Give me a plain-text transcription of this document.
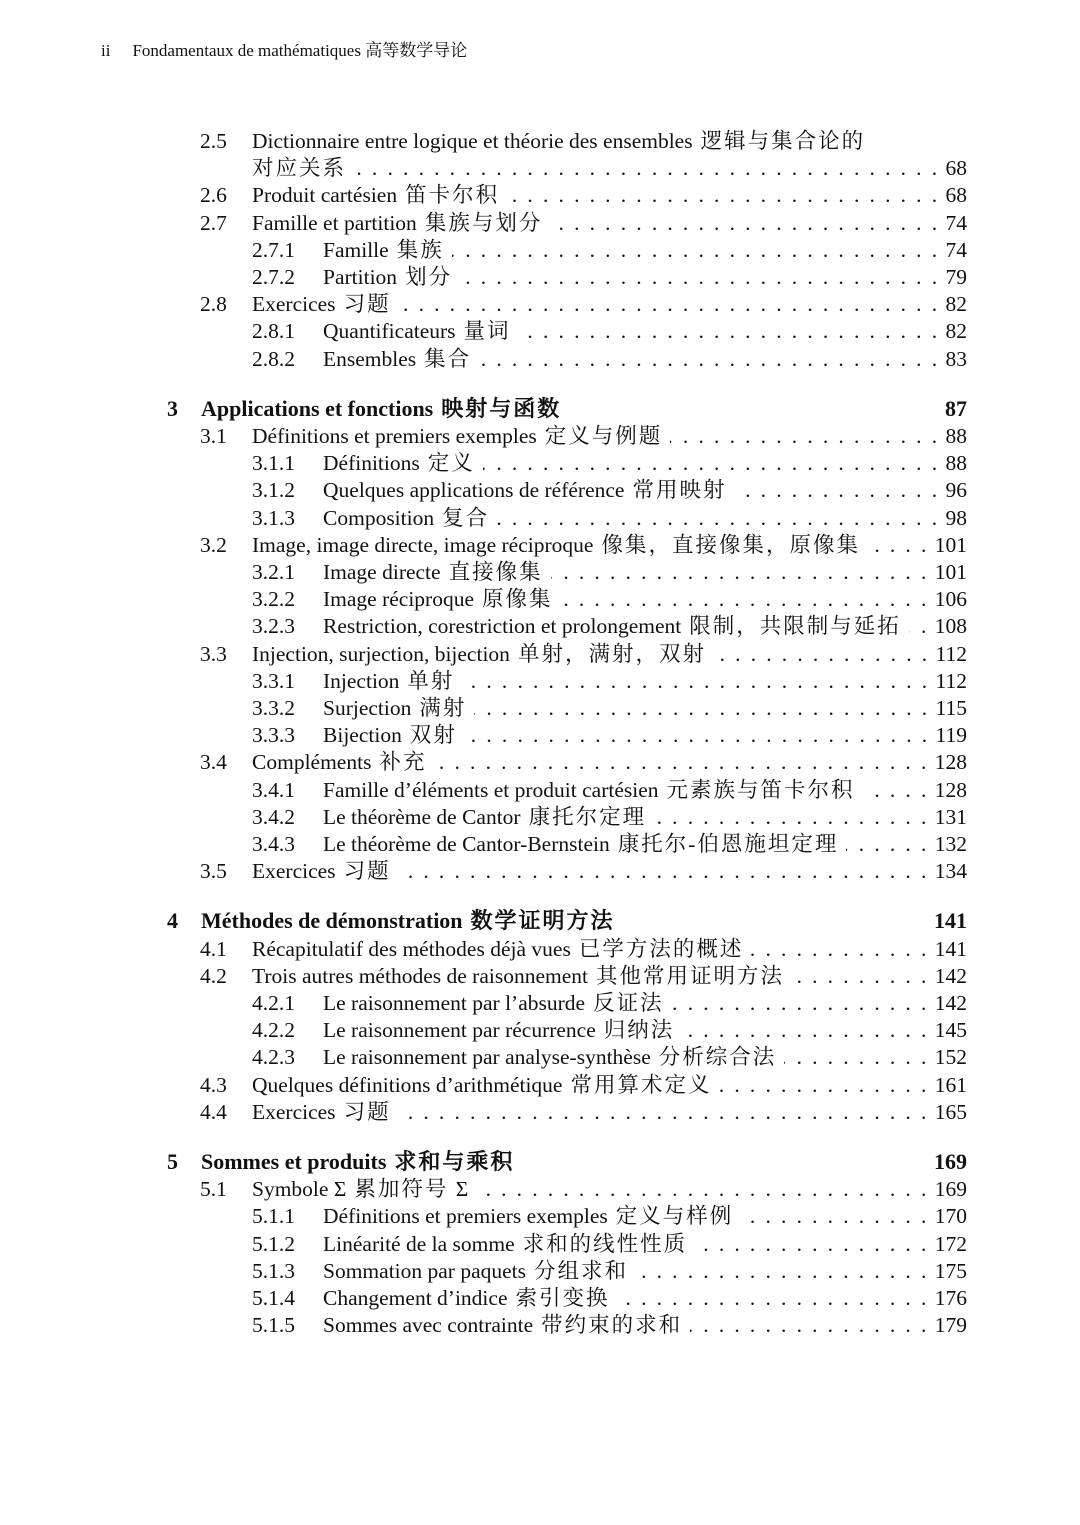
ii Fondamentaux de mathématiques 高等数学导论
2.5	Dictionnaire entre logique et théorie des ensembles 逻辑与集合论的
对应关系 . . .	68
2.6	Produit cartésien 笛卡尔积 . . .	68
2.7	Famille et partition 集族与划分 . . .	74
2.7.1	Famille 集族 . . .	74
2.7.2	Partition 划分 . . .	79
2.8	Exercices 习题 . . .	82
2.8.1	Quantificateurs 量词 . . .	82
2.8.2	Ensembles 集合 . . .	83
3	Applications et fonctions 映射与函数	87
3.1	Définitions et premiers exemples 定义与例题 . . .	88
3.1.1	Définitions 定义 . . .	88
3.1.2	Quelques applications de référence 常用映射 . . .	96
3.1.3	Composition 复合 . . .	98
3.2	Image, image directe, image réciproque 像集，直接像集，原像集 . . .	101
3.2.1	Image directe 直接像集 . . .	101
3.2.2	Image réciproque 原像集 . . .	106
3.2.3	Restriction, corestriction et prolongement 限制，共限制与延拓 . . . 108
3.3	Injection, surjection, bijection 单射，满射，双射 . . .	112
3.3.1	Injection 单射 . . .	112
3.3.2	Surjection 满射 . . .	115
3.3.3	Bijection 双射 . . .	119
3.4	Compléments 补充 . . .	128
3.4.1	Famille d’éléments et produit cartésien 元素族与笛卡尔积 . . .	128
3.4.2	Le théorème de Cantor 康托尔定理 . . .	131
3.4.3	Le théorème de Cantor-Bernstein 康托尔-伯恩施坦定理 . . .	132
3.5	Exercices 习题 . . .	134
4	Méthodes de démonstration 数学证明方法	141
4.1	Récapitulatif des méthodes déjà vues 已学方法的概述 . . .	141
4.2	Trois autres méthodes de raisonnement 其他常用证明方法 . . .	142
4.2.1	Le raisonnement par l’absurde 反证法 . . .	142
4.2.2	Le raisonnement par récurrence 归纳法 . . .	145
4.2.3	Le raisonnement par analyse-synthèse 分析综合法 . . .	152
4.3	Quelques définitions d’arithmétique 常用算术定义 . . .	161
4.4	Exercices 习题 . . .	165
5	Sommes et produits 求和与乘积	169
5.1	Symbole Σ 累加符号 Σ . . .	169
5.1.1	Définitions et premiers exemples 定义与样例 . . .	170
5.1.2	Linéarité de la somme 求和的线性性质 . . .	172
5.1.3	Sommation par paquets 分组求和 . . .	175
5.1.4	Changement d’indice 索引变换 . . .	176
5.1.5	Sommes avec contrainte 带约束的求和 . . .	179
